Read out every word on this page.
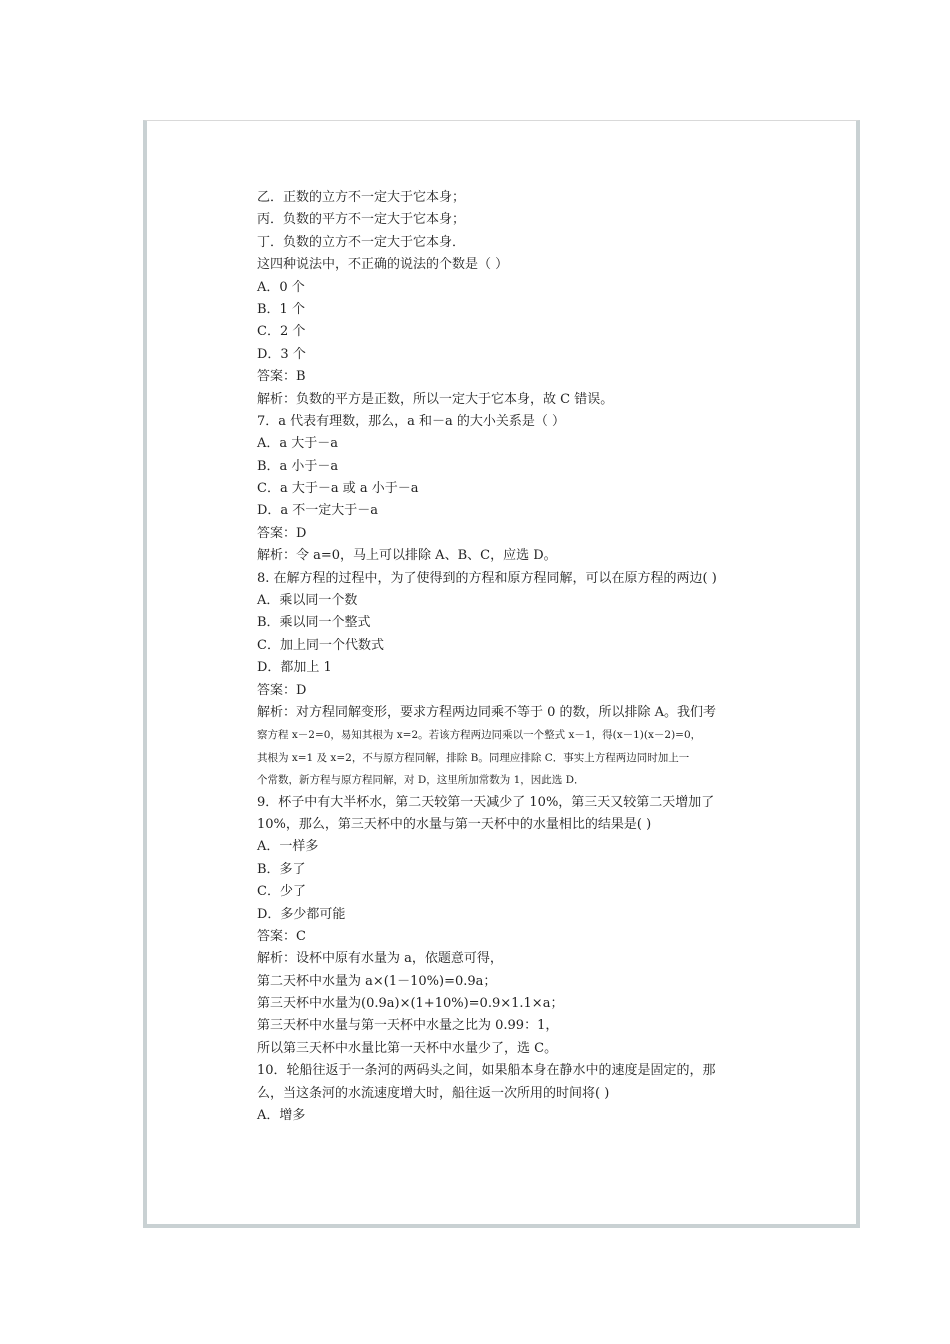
乙．正数的立方不一定大于它本身；
丙．负数的平方不一定大于它本身；
丁．负数的立方不一定大于它本身．
这四种说法中，不正确的说法的个数是（ ）
A．0 个
B．1 个
C．2 个
D．3 个
答案：B
解析：负数的平方是正数，所以一定大于它本身，故 C 错误。
7．a 代表有理数，那么，a 和－a 的大小关系是（ ）
A．a 大于－a
B．a 小于－a
C．a 大于－a 或 a 小于－a
D．a 不一定大于－a
答案：D
解析：令 a=0，马上可以排除 A、B、C，应选 D。
8. 在解方程的过程中，为了使得到的方程和原方程同解，可以在原方程的两边( )
A．乘以同一个数
B．乘以同一个整式
C．加上同一个代数式
D．都加上 1
答案：D
解析：对方程同解变形，要求方程两边同乘不等于 0 的数，所以排除 A。我们考
察方程 x－2=0，易知其根为 x=2。若该方程两边同乘以一个整式 x－1，得(x－1)(x－2)=0，
其根为 x=1 及 x=2，不与原方程同解，排除 B。同理应排除 C．事实上方程两边同时加上一
个常数，新方程与原方程同解，对 D，这里所加常数为 1，因此选 D．
9．杯子中有大半杯水，第二天较第一天减少了 10%，第三天又较第二天增加了
10%，那么，第三天杯中的水量与第一天杯中的水量相比的结果是( )
A．一样多
B．多了
C．少了
D．多少都可能
答案：C
解析：设杯中原有水量为 a，依题意可得，
第二天杯中水量为 a×(1－10%)=0.9a；
第三天杯中水量为(0.9a)×(1+10%)=0.9×1.1×a；
第三天杯中水量与第一天杯中水量之比为 0.99：1，
所以第三天杯中水量比第一天杯中水量少了，选 C。
10．轮船往返于一条河的两码头之间，如果船本身在静水中的速度是固定的，那
么，当这条河的水流速度增大时，船往返一次所用的时间将( )
A．增多
